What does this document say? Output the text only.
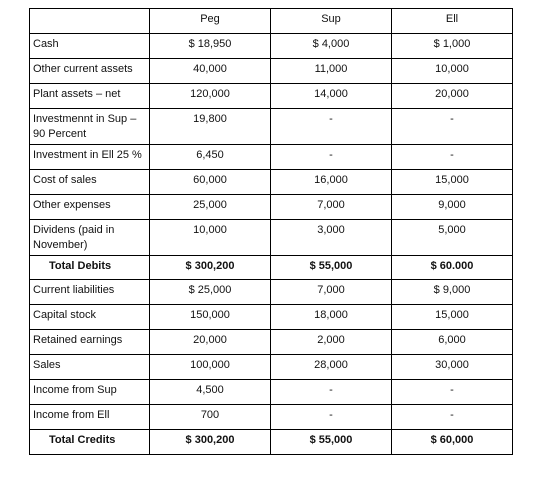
	Peg	Sup	Ell

Cash	$ 18,950	$ 4,000	$ 1,000

Other current assets	40,000	11,000	10,000

Plant assets – net	120,000	14,000	20,000

Investmennt in Sup – 90 Percent	19,800	-	-

Investment in Ell 25 %	6,450	-	-

Cost of sales	60,000	16,000	15,000

Other expenses	25,000	7,000	9,000

Dividens (paid in November)	10,000	3,000	5,000

Total Debits	$ 300,200	$ 55,000	$ 60.000

Current liabilities	$ 25,000	7,000	$ 9,000

Capital stock	150,000	18,000	15,000

Retained earnings	20,000	2,000	6,000

Sales	100,000	28,000	30,000

Income from Sup	4,500	-	-

Income from Ell	700	-	-

Total Credits	$ 300,200	$ 55,000	$ 60,000
